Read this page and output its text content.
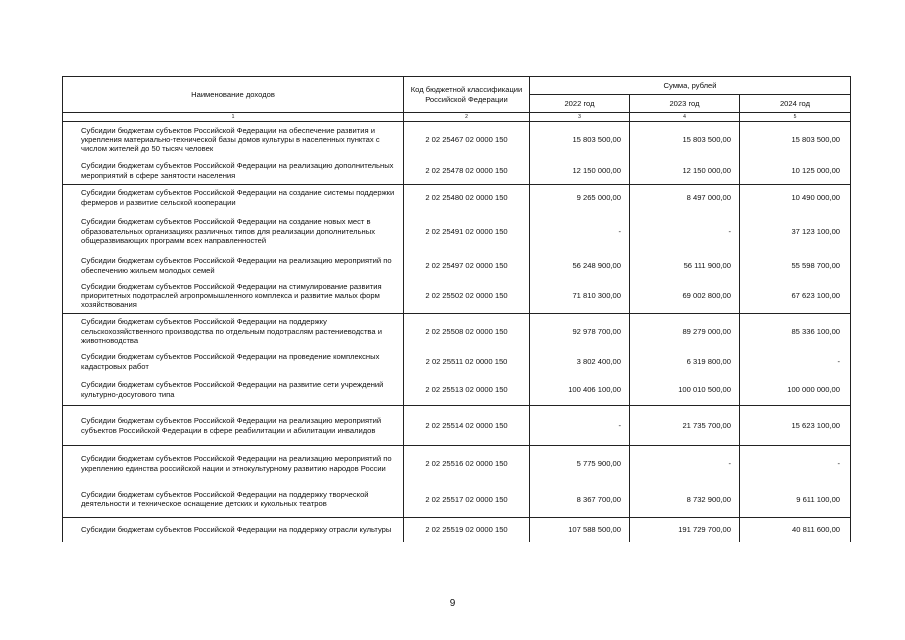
Наименование доходов	Код бюджетной классификации Российской Федерации	Сумма, рублей		
		2022 год	2023 год	2024 год
1	2	3	4	5
Субсидии бюджетам субъектов Российской Федерации на обеспечение развития и укрепления материально-технической базы домов культуры в населенных пунктах с числом жителей до 50 тысяч человек	2 02 25467 02 0000 150	15 803 500,00	15 803 500,00	15 803 500,00
Субсидии бюджетам субъектов Российской Федерации на реализацию дополнительных мероприятий в сфере занятости населения	2 02 25478 02 0000 150	12 150 000,00	12 150 000,00	10 125 000,00
Субсидии бюджетам субъектов Российской Федерации на создание системы поддержки фермеров и развитие сельской кооперации	2 02 25480 02 0000 150	9 265 000,00	8 497 000,00	10 490 000,00
Субсидии бюджетам субъектов Российской Федерации на создание новых мест в образовательных организациях различных типов для реализации дополнительных общеразвивающих программ всех направленностей	2 02 25491 02 0000 150	-	-	37 123 100,00
Субсидии бюджетам субъектов Российской Федерации на реализацию мероприятий по обеспечению жильем молодых семей	2 02 25497 02 0000 150	56 248 900,00	56 111 900,00	55 598 700,00
Субсидии бюджетам субъектов Российской Федерации на стимулирование развития приоритетных подотраслей агропромышленного комплекса и развитие малых форм хозяйствования	2 02 25502 02 0000 150	71 810 300,00	69 002 800,00	67 623 100,00
Субсидии бюджетам субъектов Российской Федерации на поддержку сельскохозяйственного производства по отдельным подотраслям растениеводства и животноводства	2 02 25508 02 0000 150	92 978 700,00	89 279 000,00	85 336 100,00
Субсидии бюджетам субъектов Российской Федерации на проведение комплексных кадастровых работ	2 02 25511 02 0000 150	3 802 400,00	6 319 800,00	-
Субсидии бюджетам субъектов Российской Федерации на развитие сети учреждений культурно-досугового типа	2 02 25513 02 0000 150	100 406 100,00	100 010 500,00	100 000 000,00
Субсидии бюджетам субъектов Российской Федерации на реализацию мероприятий субъектов Российской Федерации в сфере реабилитации и абилитации инвалидов	2 02 25514 02 0000 150	-	21 735 700,00	15 623 100,00
Субсидии бюджетам субъектов Российской Федерации на реализацию мероприятий по укреплению единства российской нации и этнокультурному развитию народов России	2 02 25516 02 0000 150	5 775 900,00	-	-
Субсидии бюджетам субъектов Российской Федерации на поддержку творческой деятельности и техническое оснащение детских и кукольных театров	2 02 25517 02 0000 150	8 367 700,00	8 732 900,00	9 611 100,00
Субсидии бюджетам субъектов Российской Федерации на поддержку отрасли культуры	2 02 25519 02 0000 150	107 588 500,00	191 729 700,00	40 811 600,00
9
